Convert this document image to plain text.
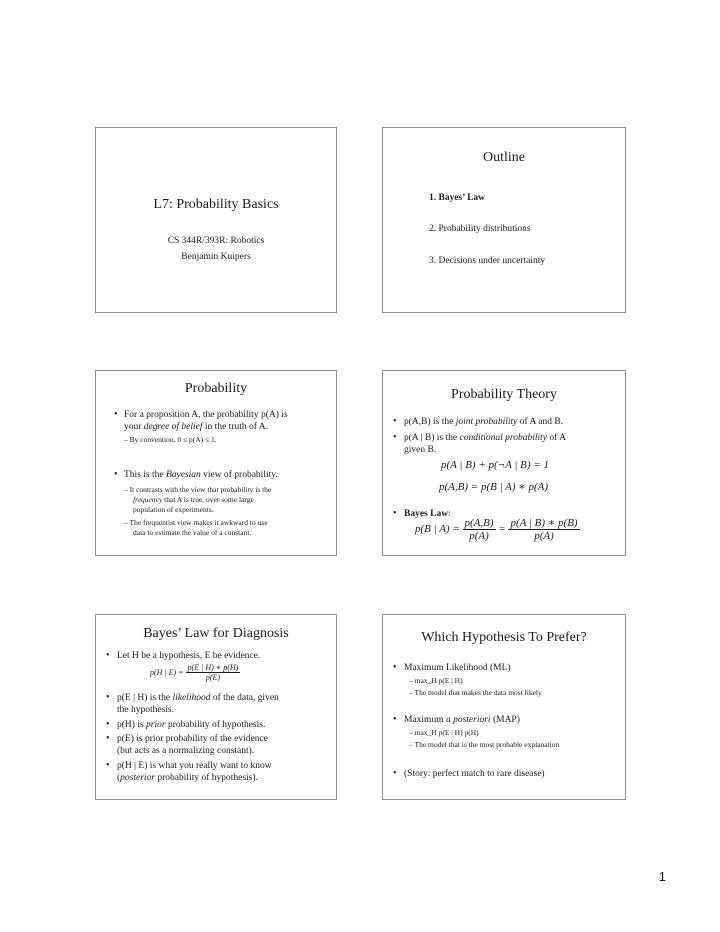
L7: Probability Basics
CS 344R/393R: Robotics
Benjamin Kuipers
Outline
1. Bayes’ Law
2. Probability distributions
3. Decisions under uncertainty
Probability
• For a proposition A, the probability p(A) is
your degree of belief in the truth of A.
– By convention, 0 ≤ p(A) ≤ 1.
• This is the Bayesian view of probability.
– It contrasts with the view that probability is the
frequency that A is true, over some large
population of experiments.
– The frequentist view makes it awkward to use
data to estimate the value of a constant.
Probability Theory
• p(A,B) is the joint probability of A and B.
• p(A | B) is the conditional probability of A
given B.
p(A | B) + p(¬A | B) = 1
p(A,B) = p(B | A) ∗ p(A)
• Bayes Law:
p(B | $A) = \frac{p(A,B)}{p(A)} = \frac{p(A | B) ∗ p(B)}{p(A)}$
Bayes’ Law for Diagnosis
• Let H be a hypothesis, E be evidence.
p(H | $E) = \frac{p(E | H) ∗ p(H)}{p(E)}$
• p(E | H) is the likelihood of the data, given
the hypothesis.
• p(H) is prior probability of hypothesis.
• p(E) is prior probability of the evidence
(but acts as a normalizing constant).
• p(H | E) is what you really want to know
(posterior probability of hypothesis).
Which Hypothesis To Prefer?
• Maximum Likelihood (ML)
– max_H p(E | H)
– The model that makes the data most likely
• Maximum a posteriori (MAP)
– max_H p(E | H) p(H)
– The model that is the most probable explanation
• (Story: perfect match to rare disease)
1
